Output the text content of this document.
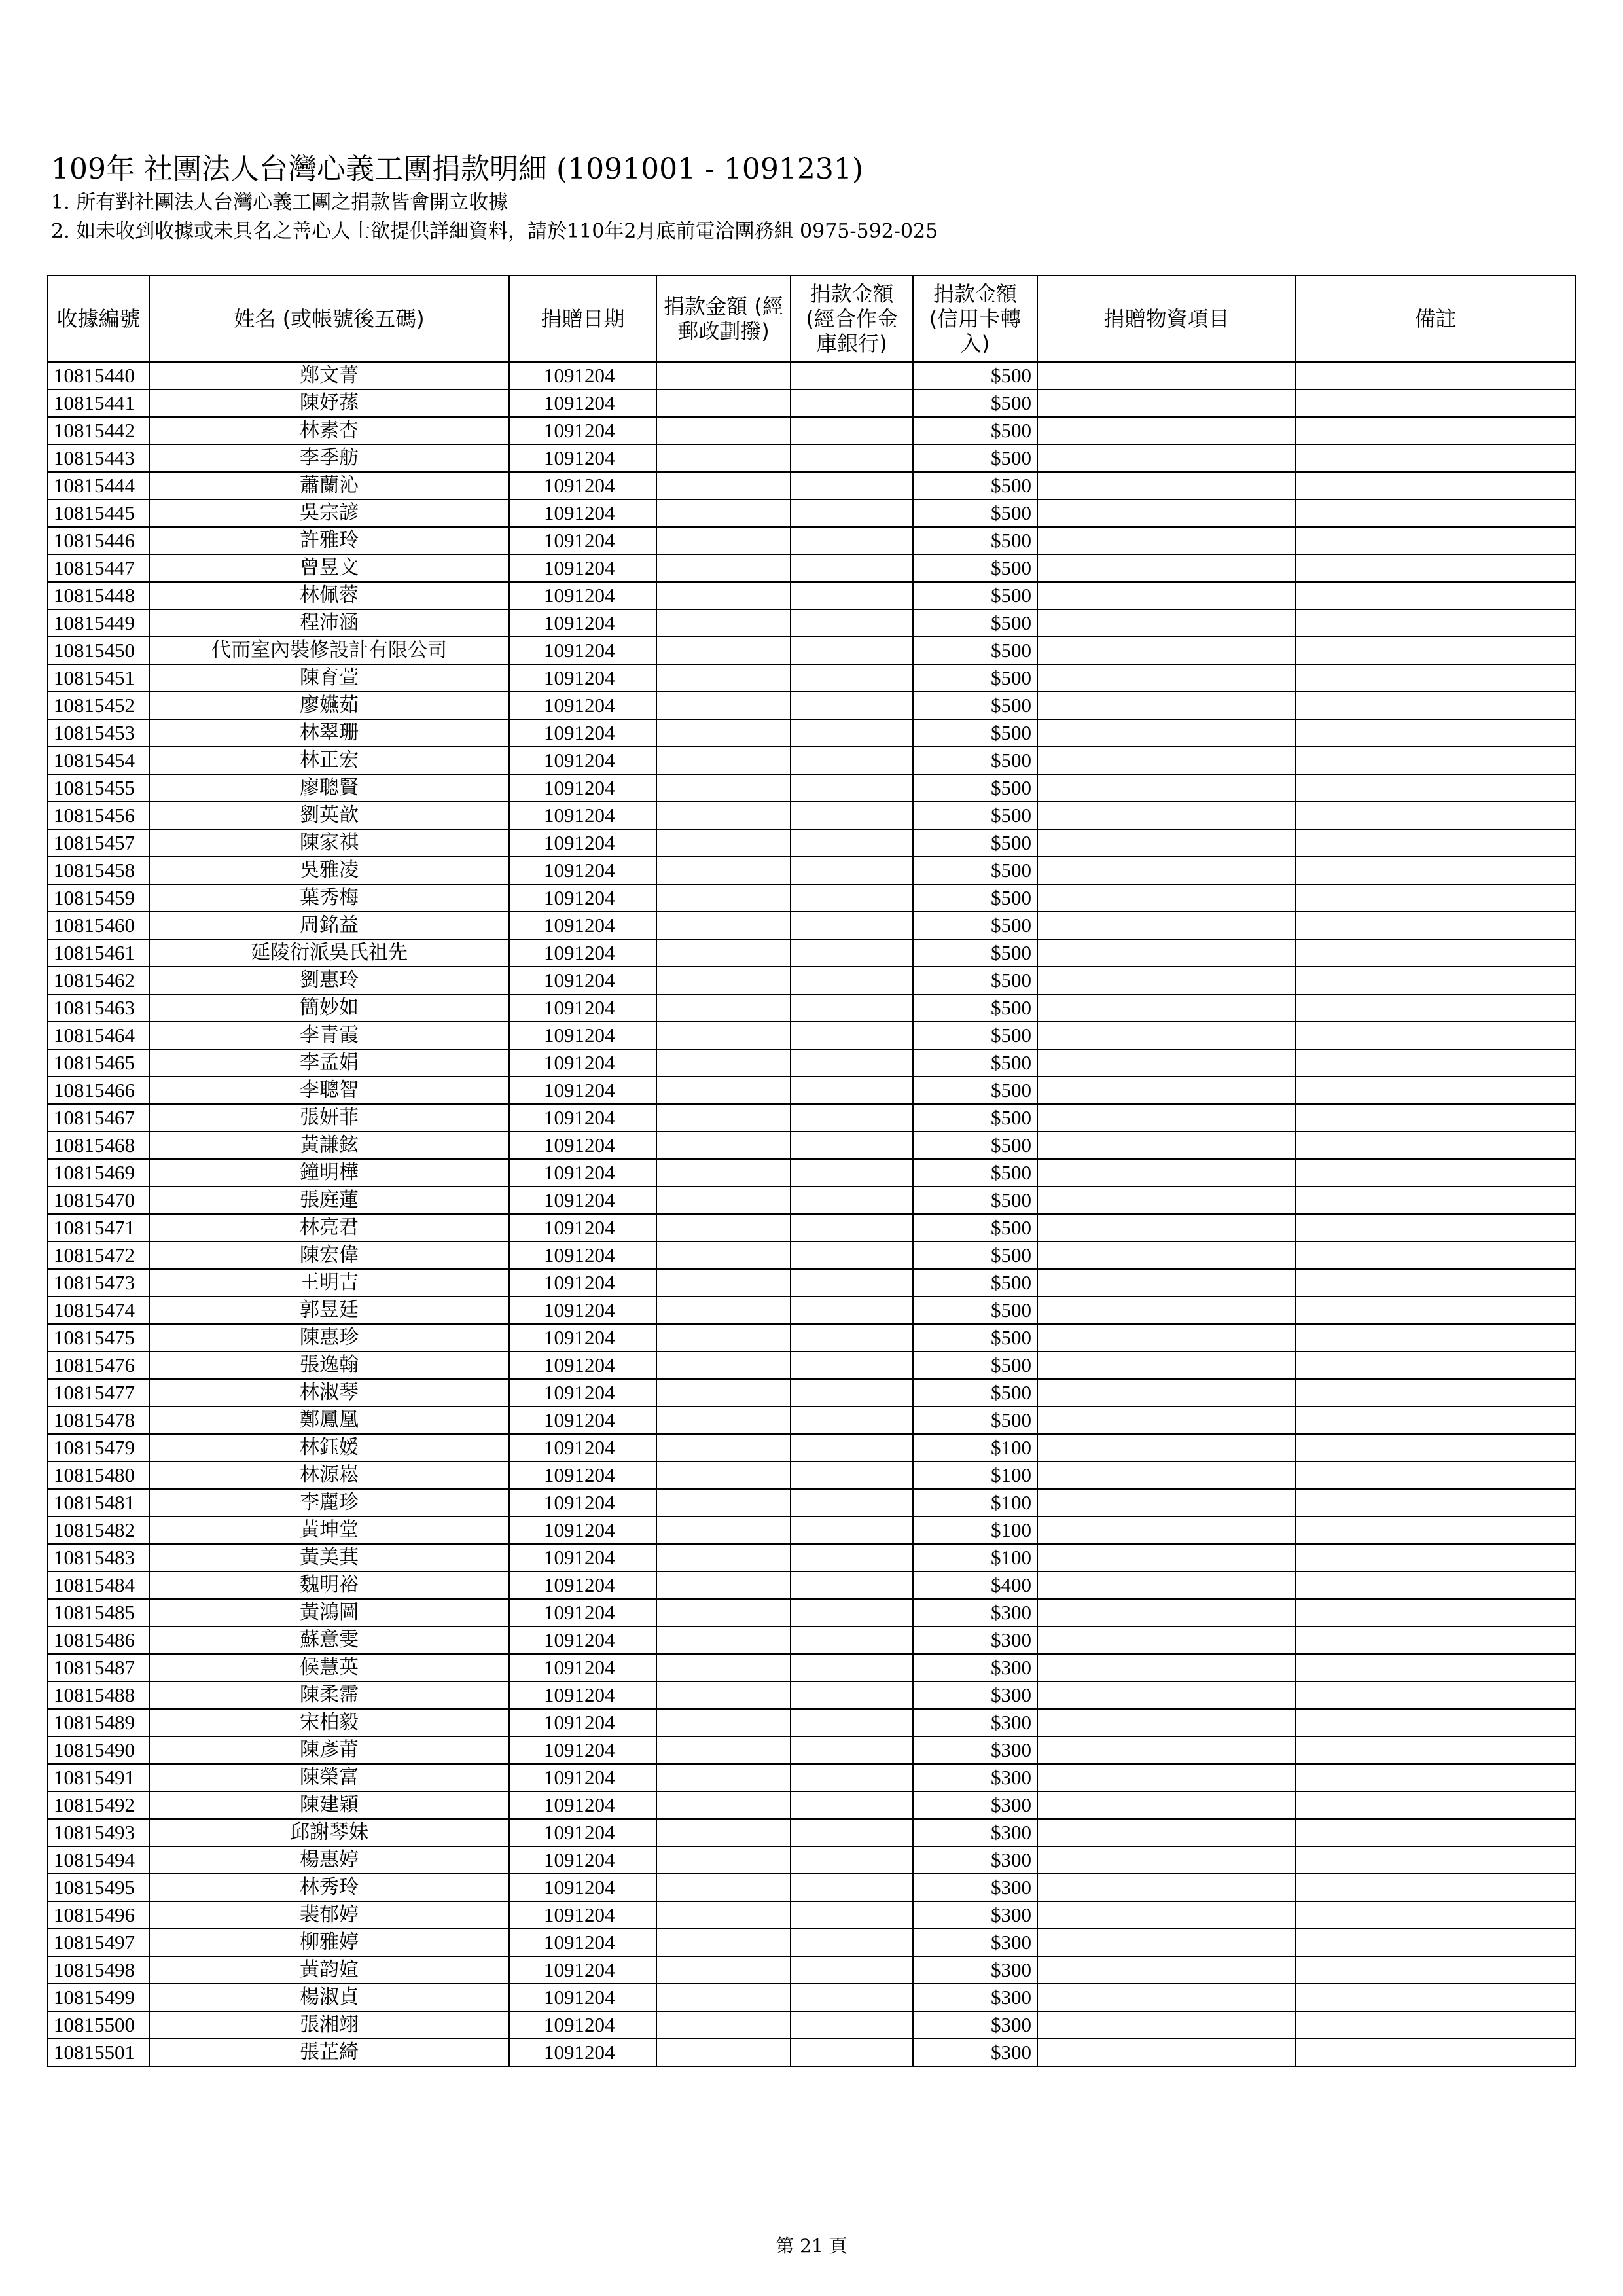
109年 社團法人台灣心義工團捐款明細 (1091001 - 1091231)

1. 所有對社團法人台灣心義工團之捐款皆會開立收據

2. 如未收到收據或未具名之善心人士欲提供詳細資料，請於110年2月底前電洽團務組 0975-592-025

收據編號	姓名 (或帳號後五碼)	捐贈日期	捐款金額 (經郵政劃撥)	捐款金額 (經合作金庫銀行)	捐款金額 (信用卡轉入)	捐贈物資項目	備註
10815440	鄭文菁	1091204			$500		
10815441	陳妤蓀	1091204			$500		
10815442	林素杏	1091204			$500		
10815443	李季舫	1091204			$500		
10815444	蕭蘭沁	1091204			$500		
10815445	吳宗諺	1091204			$500		
10815446	許雅玲	1091204			$500		
10815447	曾昱文	1091204			$500		
10815448	林佩蓉	1091204			$500		
10815449	程沛涵	1091204			$500		
10815450	代而室內裝修設計有限公司	1091204			$500		
10815451	陳育萱	1091204			$500		
10815452	廖嬿茹	1091204			$500		
10815453	林翠珊	1091204			$500		
10815454	林正宏	1091204			$500		
10815455	廖聰賢	1091204			$500		
10815456	劉英歆	1091204			$500		
10815457	陳家祺	1091204			$500		
10815458	吳雅凌	1091204			$500		
10815459	葉秀梅	1091204			$500		
10815460	周銘益	1091204			$500		
10815461	延陵衍派吳氏祖先	1091204			$500		
10815462	劉惠玲	1091204			$500		
10815463	簡妙如	1091204			$500		
10815464	李青霞	1091204			$500		
10815465	李孟娟	1091204			$500		
10815466	李聰智	1091204			$500		
10815467	張妍菲	1091204			$500		
10815468	黃謙鉉	1091204			$500		
10815469	鐘明樺	1091204			$500		
10815470	張庭蓮	1091204			$500		
10815471	林亮君	1091204			$500		
10815472	陳宏偉	1091204			$500		
10815473	王明吉	1091204			$500		
10815474	郭昱廷	1091204			$500		
10815475	陳惠珍	1091204			$500		
10815476	張逸翰	1091204			$500		
10815477	林淑琴	1091204			$500		
10815478	鄭鳳凰	1091204			$500		
10815479	林鈺媛	1091204			$100		
10815480	林源崧	1091204			$100		
10815481	李麗珍	1091204			$100		
10815482	黃坤堂	1091204			$100		
10815483	黃美萁	1091204			$100		
10815484	魏明裕	1091204			$400		
10815485	黃鴻圖	1091204			$300		
10815486	蘇意雯	1091204			$300		
10815487	候慧英	1091204			$300		
10815488	陳柔霈	1091204			$300		
10815489	宋柏毅	1091204			$300		
10815490	陳彥莆	1091204			$300		
10815491	陳榮富	1091204			$300		
10815492	陳建穎	1091204			$300		
10815493	邱謝琴妹	1091204			$300		
10815494	楊惠婷	1091204			$300		
10815495	林秀玲	1091204			$300		
10815496	裴郁婷	1091204			$300		
10815497	柳雅婷	1091204			$300		
10815498	黃韵媗	1091204			$300		
10815499	楊淑貞	1091204			$300		
10815500	張湘翊	1091204			$300		
10815501	張芷綺	1091204			$300		
第 21 頁
